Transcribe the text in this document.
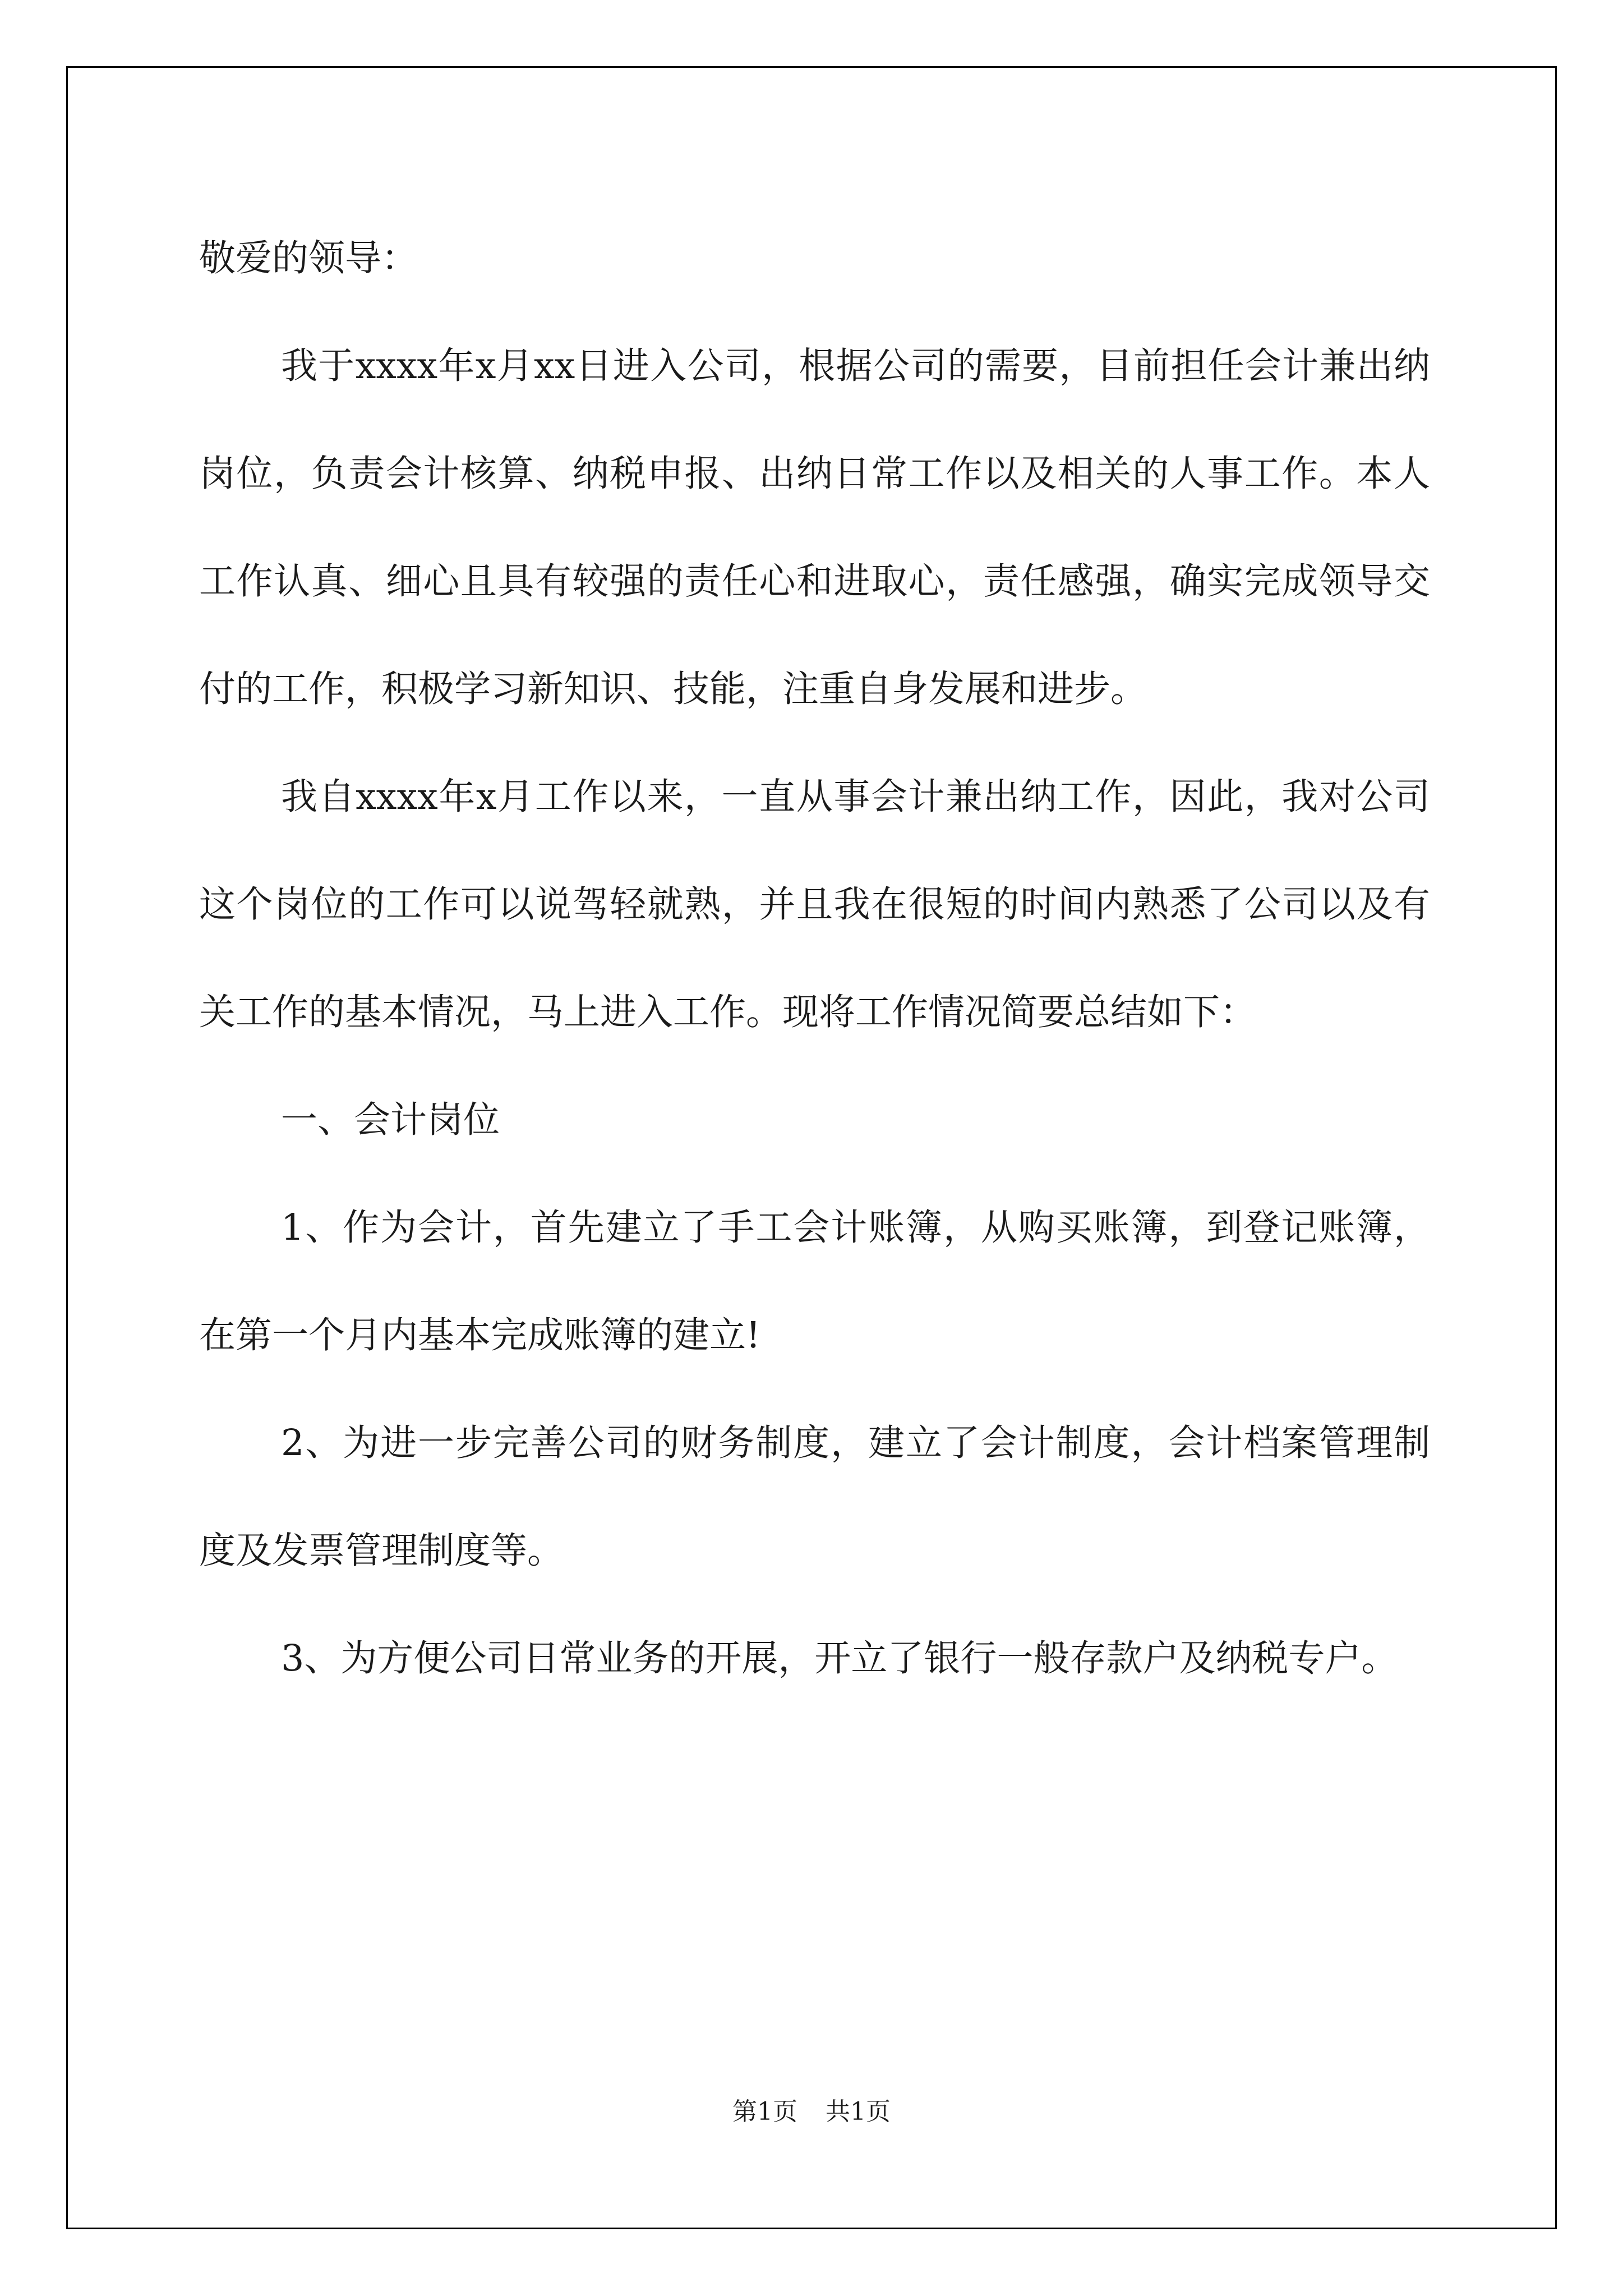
敬爱的领导：

我于xxxx年x月xx日进入公司，根据公司的需要，目前担任会计兼出纳岗位，负责会计核算、纳税申报、出纳日常工作以及相关的人事工作。本人工作认真、细心且具有较强的责任心和进取心，责任感强，确实完成领导交付的工作，积极学习新知识、技能，注重自身发展和进步。

我自xxxx年x月工作以来，一直从事会计兼出纳工作，因此，我对公司这个岗位的工作可以说驾轻就熟，并且我在很短的时间内熟悉了公司以及有关工作的基本情况，马上进入工作。现将工作情况简要总结如下：

一、会计岗位

1、作为会计，首先建立了手工会计账簿，从购买账簿，到登记账簿，在第一个月内基本完成账簿的建立!

2、为进一步完善公司的财务制度，建立了会计制度，会计档案管理制度及发票管理制度等。

3、为方便公司日常业务的开展，开立了银行一般存款户及纳税专户。

第1页 共1页
